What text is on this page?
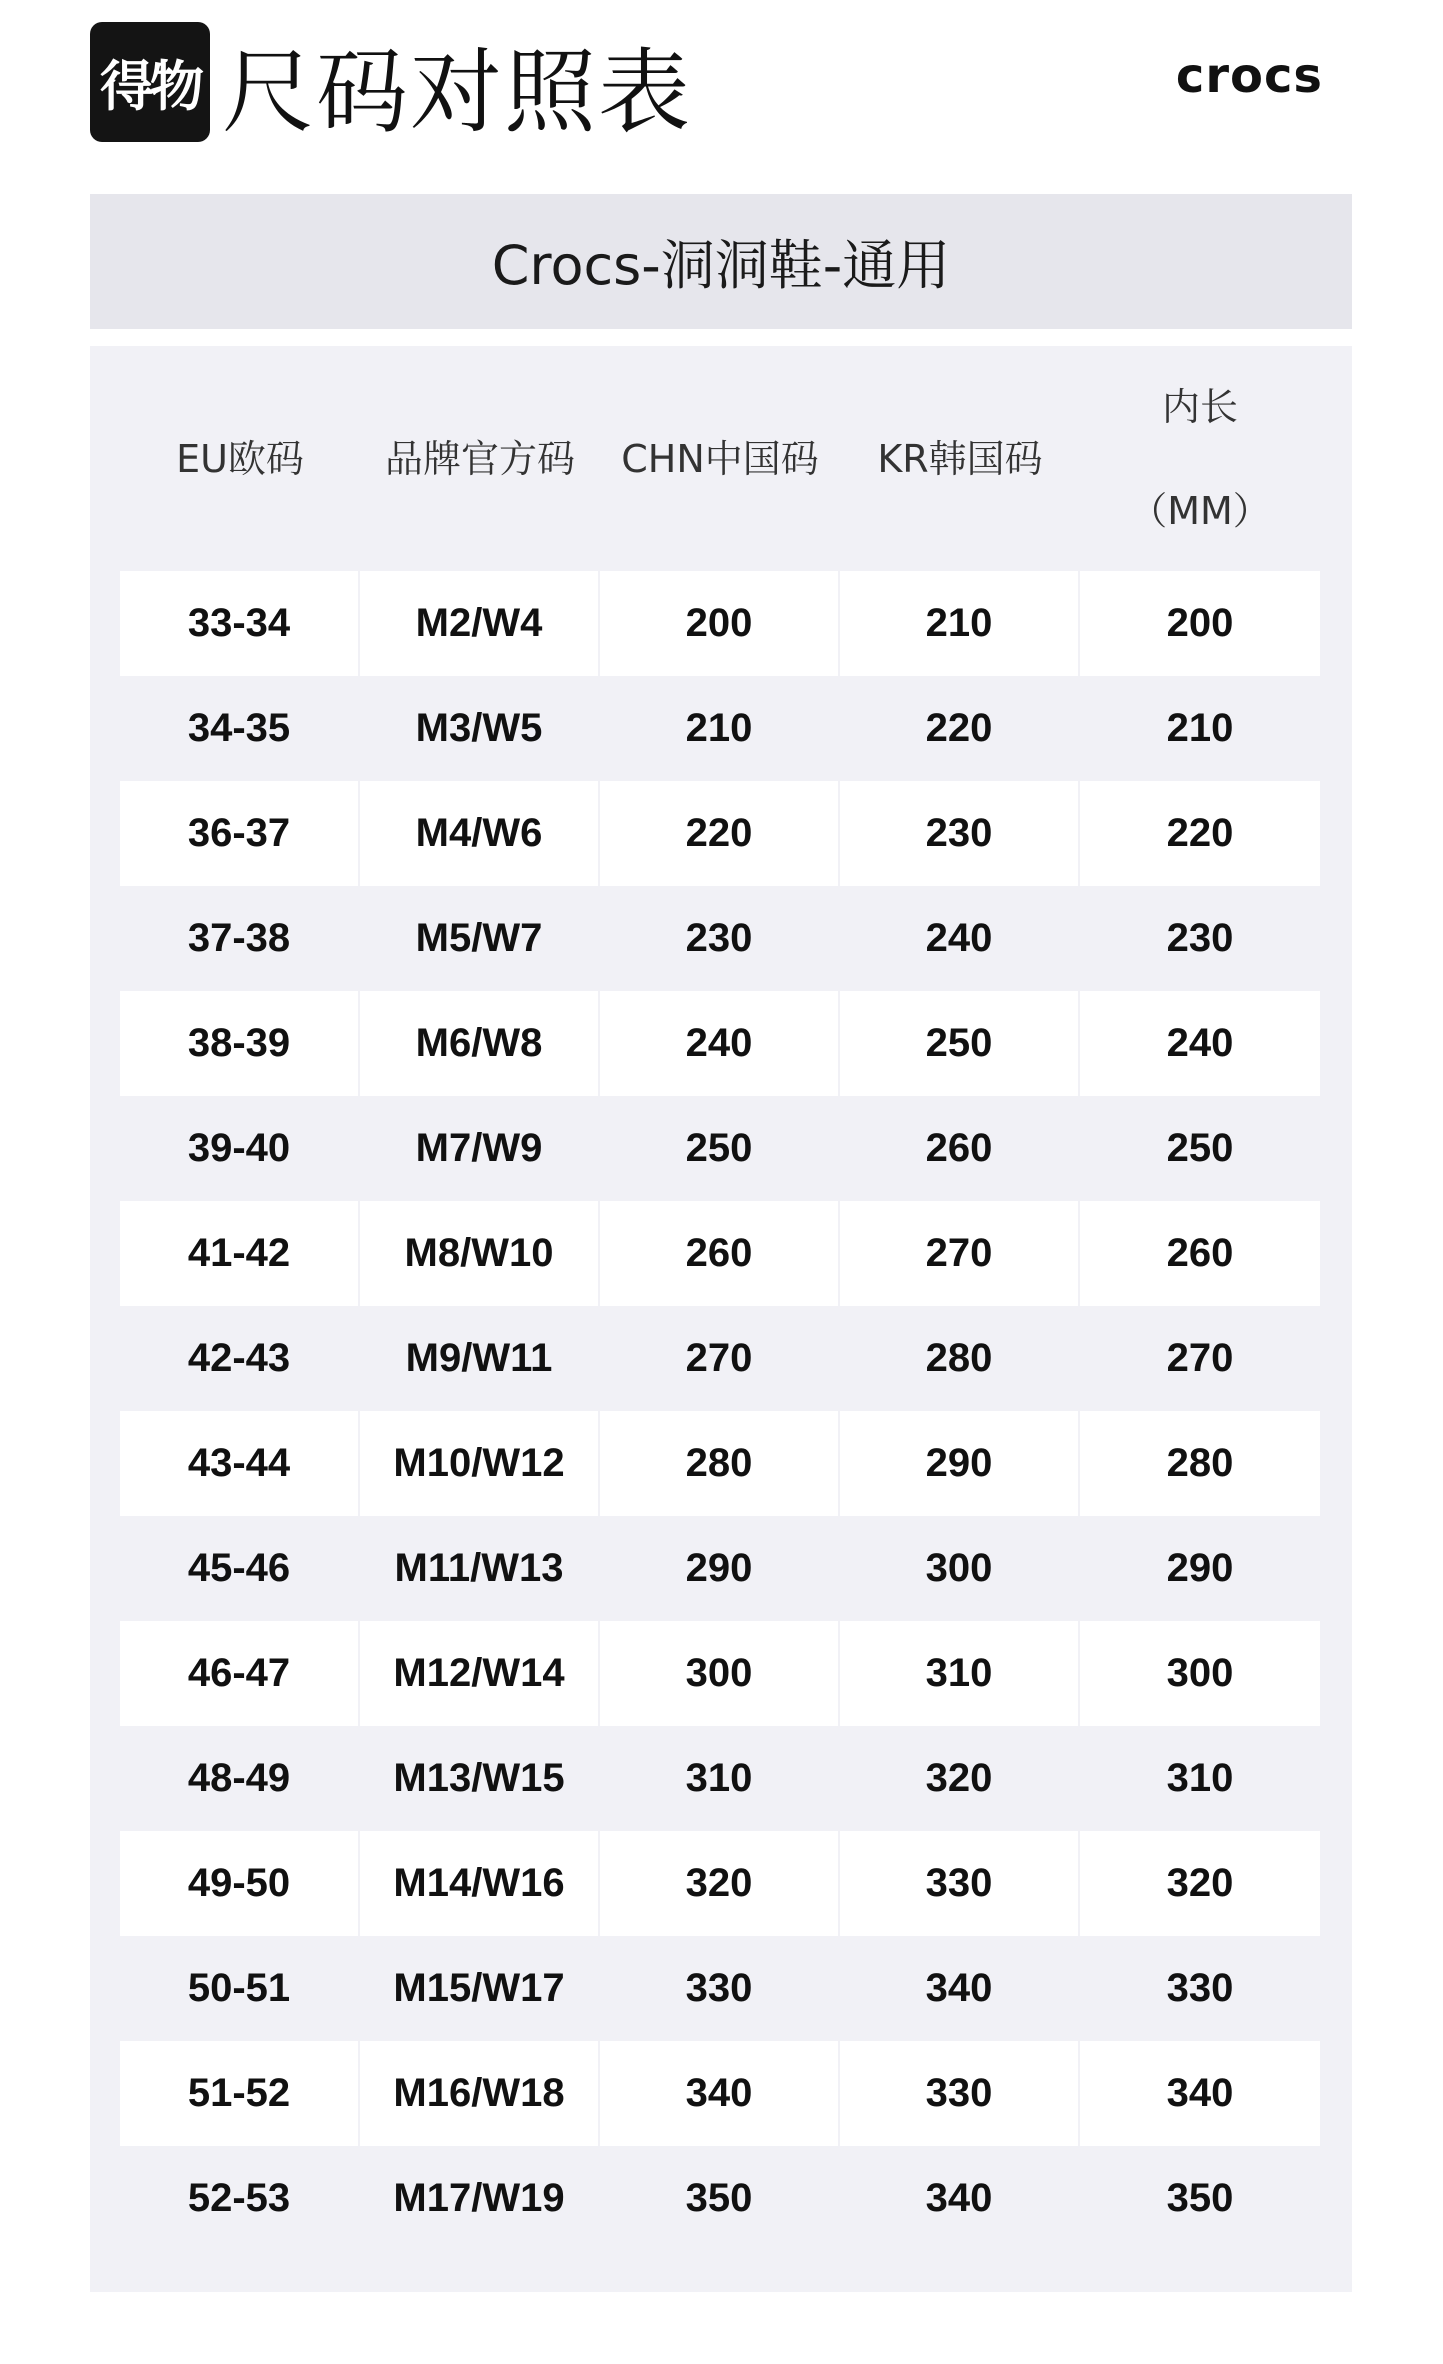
得物 尺码对照表	crocs
Crocs-洞洞鞋-通用
EU欧码 品牌官方码 CHN中国码 KR韩国码
内长
（MM）
33-34	M2/W4	200	210	200
34-35	M3/W5	210	220	210
36-37	M4/W6	220	230	220
37-38	M5/W7	230	240	230
38-39	M6/W8	240	250	240
39-40	M7/W9	250	260	250
41-42	M8/W10	260	270	260
42-43	M9/W11	270	280	270
43-44	M10/W12	280	290	280
45-46	M11/W13	290	300	290
46-47	M12/W14	300	310	300
48-49	M13/W15	310	320	310
49-50	M14/W16	320	330	320
50-51	M15/W17	330	340	330
51-52	M16/W18	340	330	340
52-53	M17/W19	350	340	350
